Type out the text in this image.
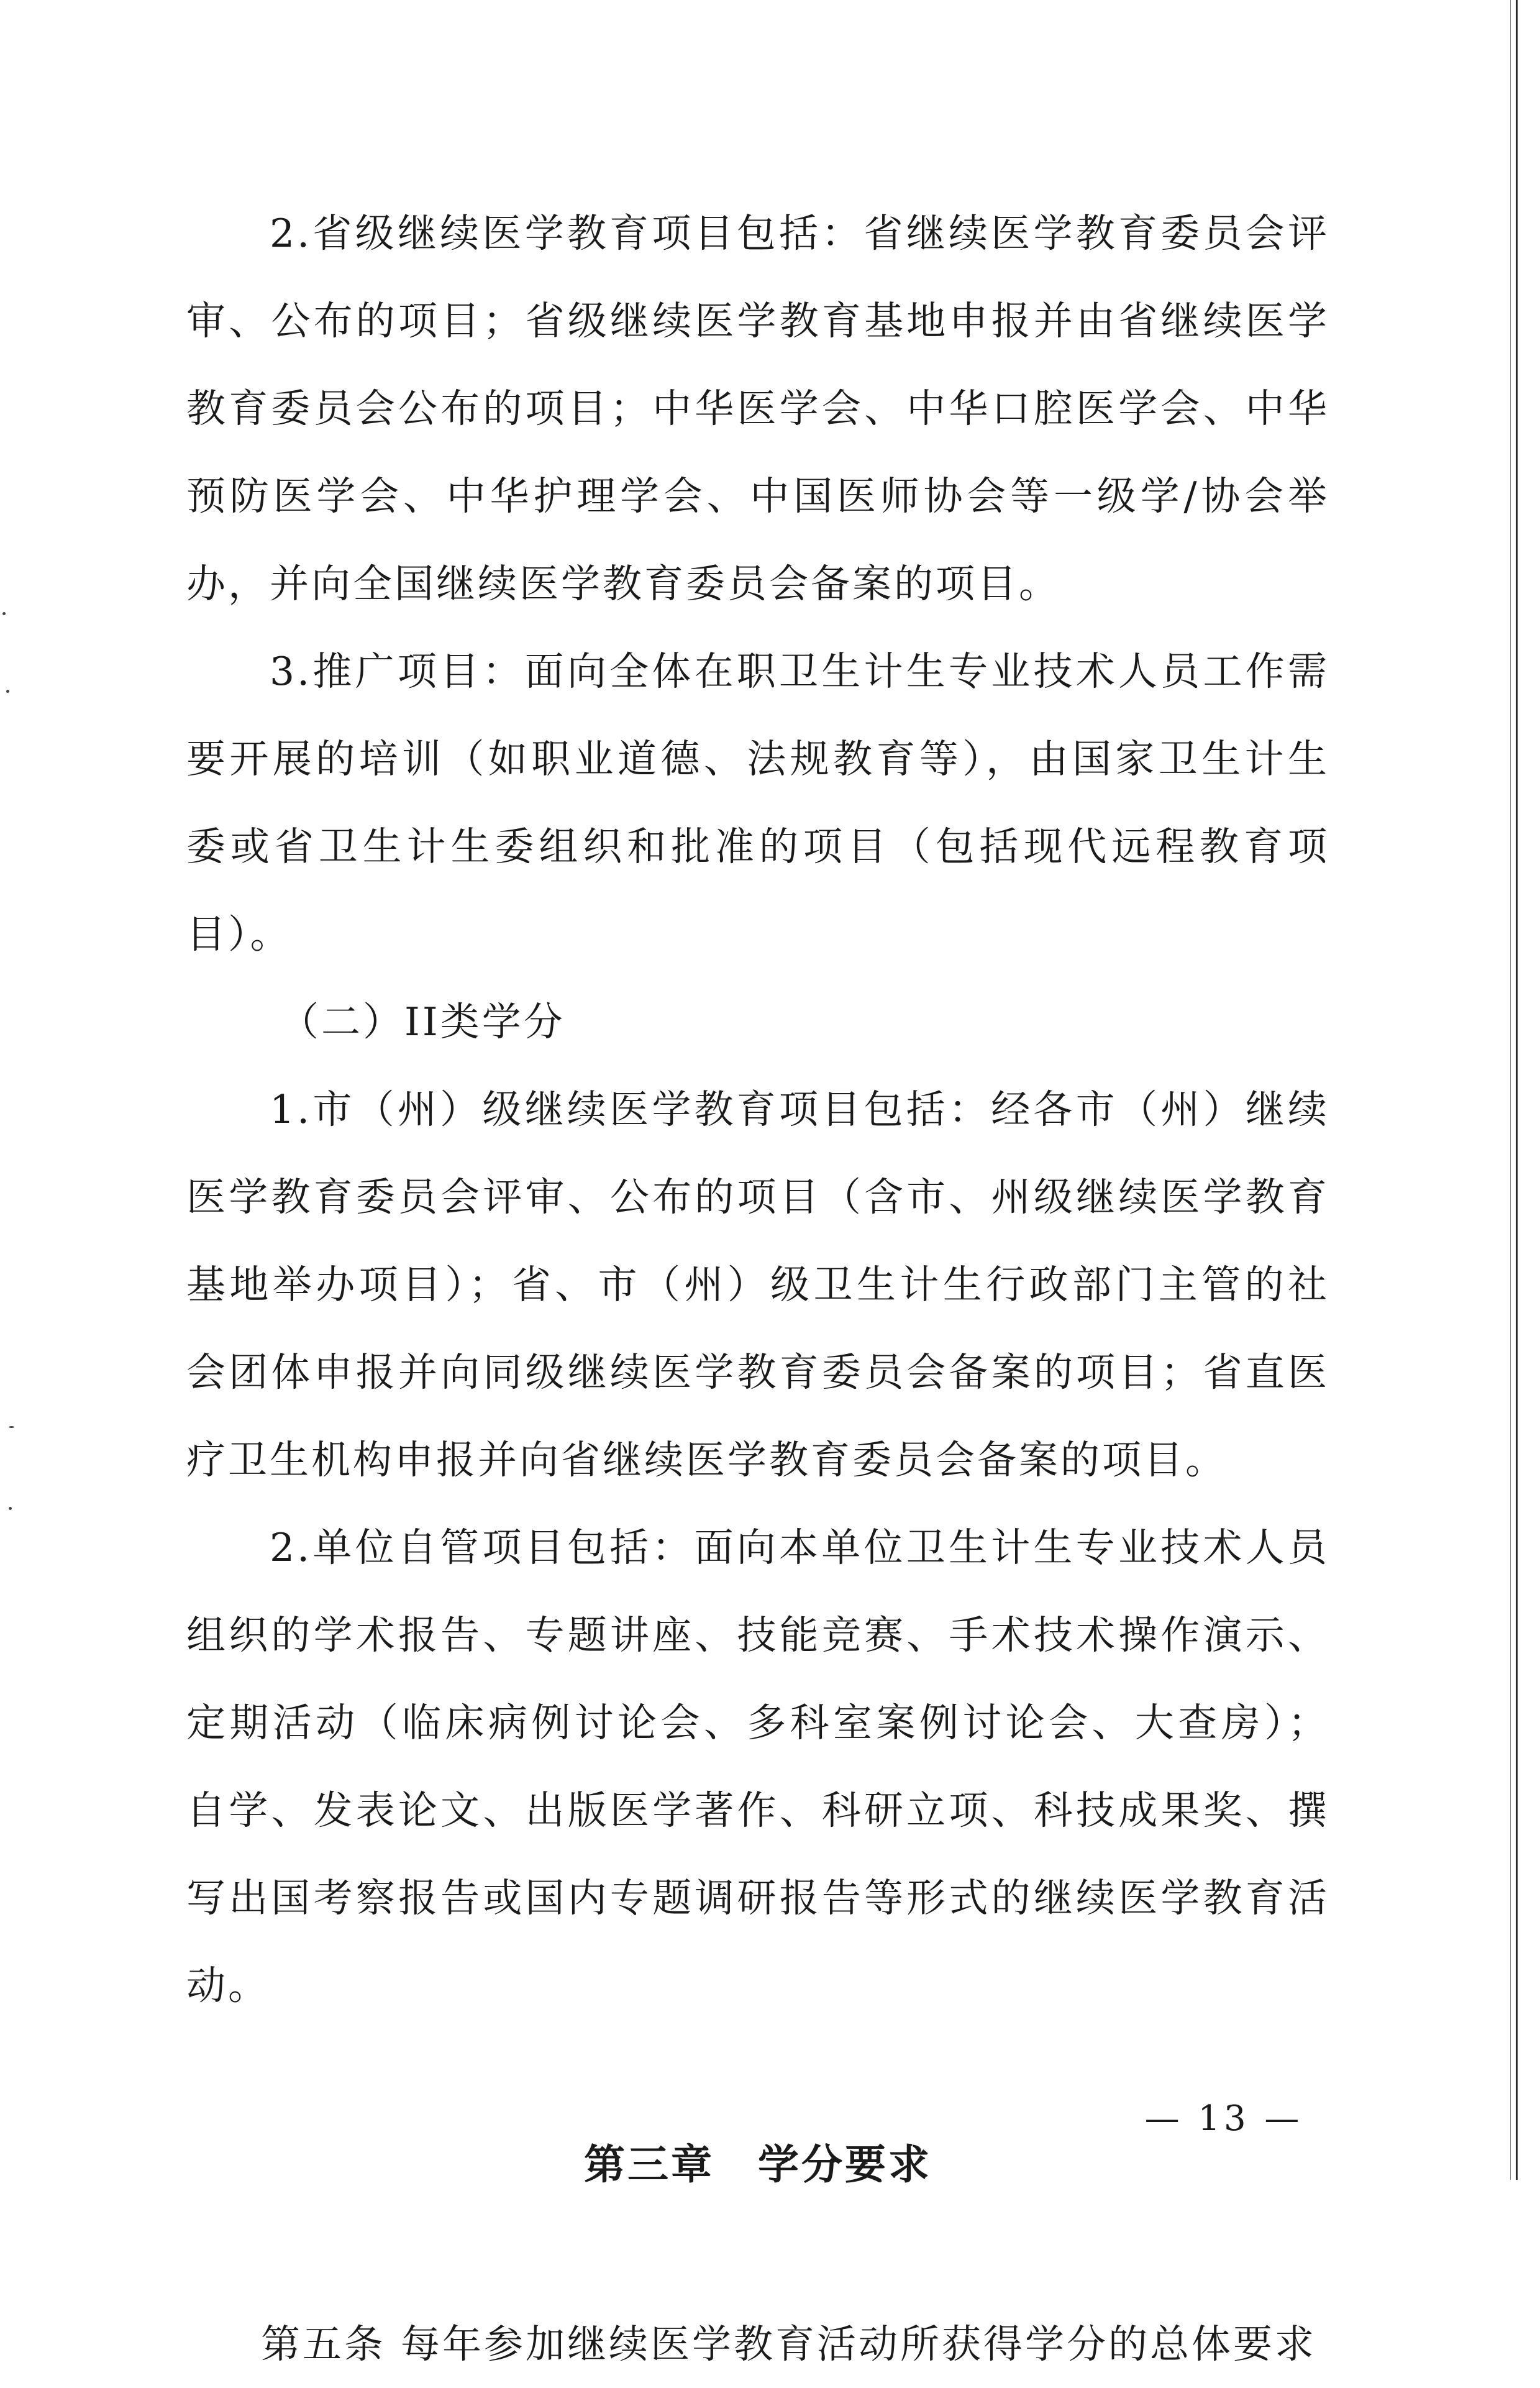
2.省级继续医学教育项目包括：省继续医学教育委员会评审、公布的项目；省级继续医学教育基地申报并由省继续医学教育委员会公布的项目；中华医学会、中华口腔医学会、中华预防医学会、中华护理学会、中国医师协会等一级学/协会举办，并向全国继续医学教育委员会备案的项目。

3.推广项目：面向全体在职卫生计生专业技术人员工作需要开展的培训（如职业道德、法规教育等），由国家卫生计生委或省卫生计生委组织和批准的项目（包括现代远程教育项目）。

（二）II类学分

1.市（州）级继续医学教育项目包括：经各市（州）继续医学教育委员会评审、公布的项目（含市、州级继续医学教育基地举办项目）；省、市（州）级卫生计生行政部门主管的社会团体申报并向同级继续医学教育委员会备案的项目；省直医疗卫生机构申报并向省继续医学教育委员会备案的项目。

2.单位自管项目包括：面向本单位卫生计生专业技术人员组织的学术报告、专题讲座、技能竞赛、手术技术操作演示、定期活动（临床病例讨论会、多科室案例讨论会、大查房）；自学、发表论文、出版医学著作、科研立项、科技成果奖、撰写出国考察报告或国内专题调研报告等形式的继续医学教育活动。

第三章　学分要求

第五条 每年参加继续医学教育活动所获得学分的总体要求

— 13 —
